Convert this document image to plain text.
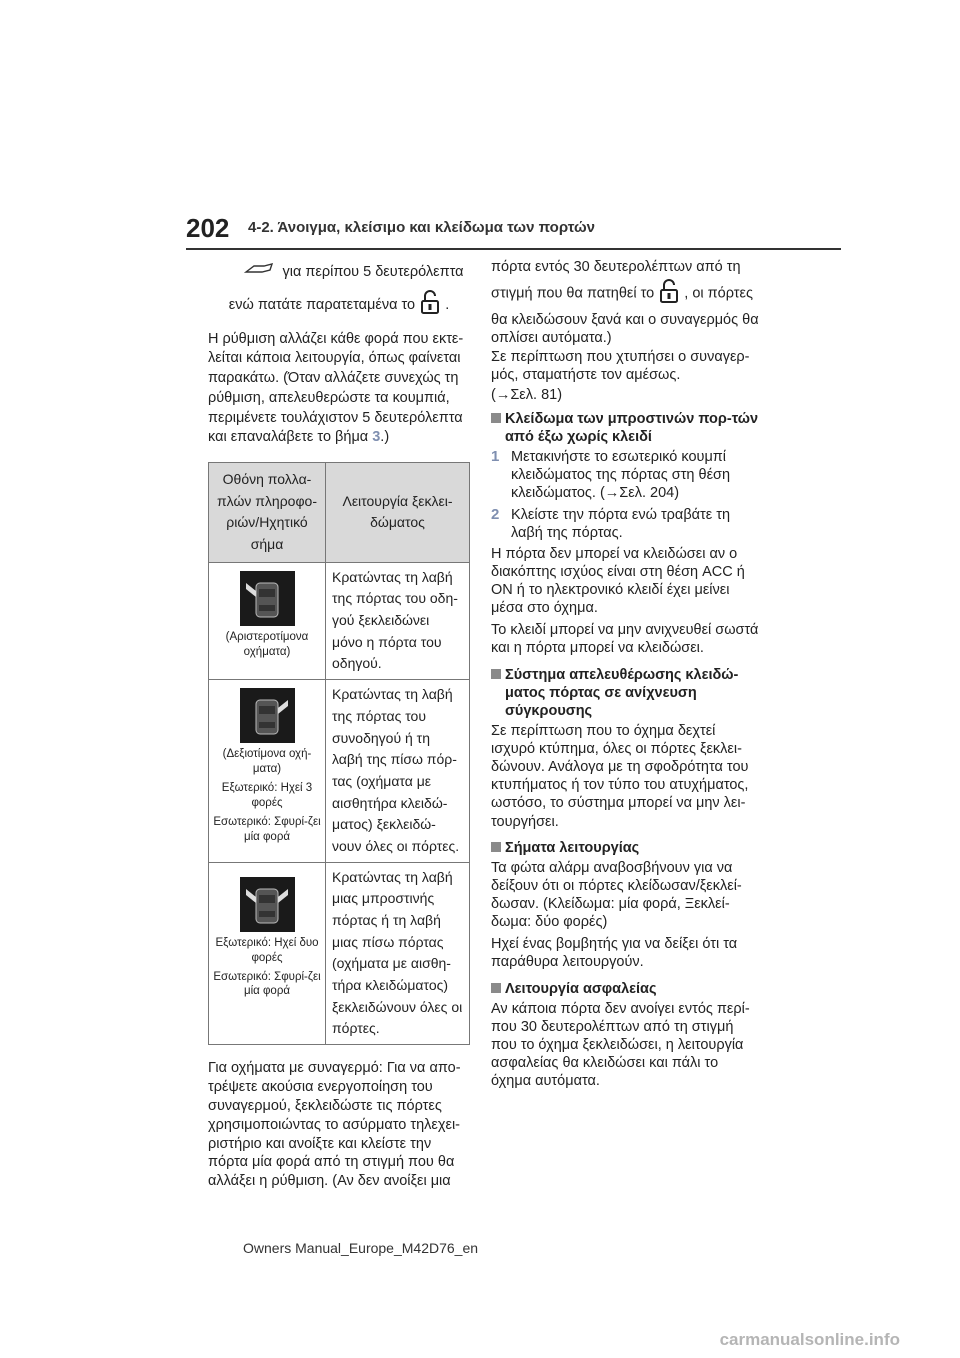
202 4-2. Άνοιγμα, κλείσιμο και κλείδωμα των πορτών
για περίπου 5 δευτερόλεπτα
ενώ πατάτε παρατεταμένα το .
Η ρύθμιση αλλάζει κάθε φορά που εκτε-λείται κάποια λειτουργία, όπως φαίνεται παρακάτω. (Όταν αλλάζετε συνεχώς τη ρύθμιση, απελευθερώστε τα κουμπιά, περιμένετε τουλάχιστον 5 δευτερόλεπτα και επαναλάβετε το βήμα 3.)
Οθόνη πολλα-πλών πληροφο-ριών/Ηχητικό σήμα	Λειτουργία ξεκλει-δώματος

(Αριστεροτίμονα οχήματα)	Κρατώντας τη λαβή της πόρτας του οδη-γού ξεκλειδώνει μόνο η πόρτα του οδηγού.

(Δεξιοτίμονα οχή-ματα)
Εξωτερικό: Ηχεί 3 φορές
Εσωτερικό: Σφυρί-ζει μία φορά	Κρατώντας τη λαβή της πόρτας του συνοδηγού ή τη λαβή της πίσω πόρ-τας (οχήματα με αισθητήρα κλειδώ-ματος) ξεκλειδώ-νουν όλες οι πόρτες.

Εξωτερικό: Ηχεί δυο φορές
Εσωτερικό: Σφυρί-ζει μία φορά	Κρατώντας τη λαβή μιας μπροστινής πόρτας ή τη λαβή μιας πίσω πόρτας (οχήματα με αισθη-τήρα κλειδώματος) ξεκλειδώνουν όλες οι πόρτες.
Για οχήματα με συναγερμό: Για να απο-τρέψετε ακούσια ενεργοποίηση του συναγερμού, ξεκλειδώστε τις πόρτες χρησιμοποιώντας το ασύρματο τηλεχει-ριστήριο και ανοίξτε και κλείστε την πόρτα μία φορά από τη στιγμή που θα αλλάξει η ρύθμιση. (Αν δεν ανοίξει μια
πόρτα εντός 30 δευτερολέπτων από τη
στιγμή που θα πατηθεί το , οι πόρτες
θα κλειδώσουν ξανά και ο συναγερμός θα οπλίσει αυτόματα.)
Σε περίπτωση που χτυπήσει ο συναγερ-μός, σταματήστε τον αμέσως.
(→Σελ. 81)
Κλείδωμα των μπροστινών πορ-τών από έξω χωρίς κλειδί
1 Μετακινήστε το εσωτερικό κουμπί κλειδώματος της πόρτας στη θέση κλειδώματος. (→Σελ. 204)
2 Κλείστε την πόρτα ενώ τραβάτε τη λαβή της πόρτας.
Η πόρτα δεν μπορεί να κλειδώσει αν ο διακόπτης ισχύος είναι στη θέση ACC ή ON ή το ηλεκτρονικό κλειδί έχει μείνει μέσα στο όχημα.
Το κλειδί μπορεί να μην ανιχνευθεί σωστά και η πόρτα μπορεί να κλειδώσει.
Σύστημα απελευθέρωσης κλειδώ-ματος πόρτας σε ανίχνευση σύγκρουσης
Σε περίπτωση που το όχημα δεχτεί ισχυρό κτύπημα, όλες οι πόρτες ξεκλει-δώνουν. Ανάλογα με τη σφοδρότητα του κτυπήματος ή τον τύπο του ατυχήματος, ωστόσο, το σύστημα μπορεί να μην λει-τουργήσει.
Σήματα λειτουργίας
Τα φώτα αλάρμ αναβοσβήνουν για να δείξουν ότι οι πόρτες κλείδωσαν/ξεκλεί-δωσαν. (Κλείδωμα: μία φορά, Ξεκλεί-δωμα: δύο φορές)
Ηχεί ένας βομβητής για να δείξει ότι τα παράθυρα λειτουργούν.
Λειτουργία ασφαλείας
Αν κάποια πόρτα δεν ανοίγει εντός περί-που 30 δευτερολέπτων από τη στιγμή που το όχημα ξεκλειδώσει, η λειτουργία ασφαλείας θα κλειδώσει και πάλι το όχημα αυτόματα.
Owners Manual_Europe_M42D76_en
carmanualsonline.info
